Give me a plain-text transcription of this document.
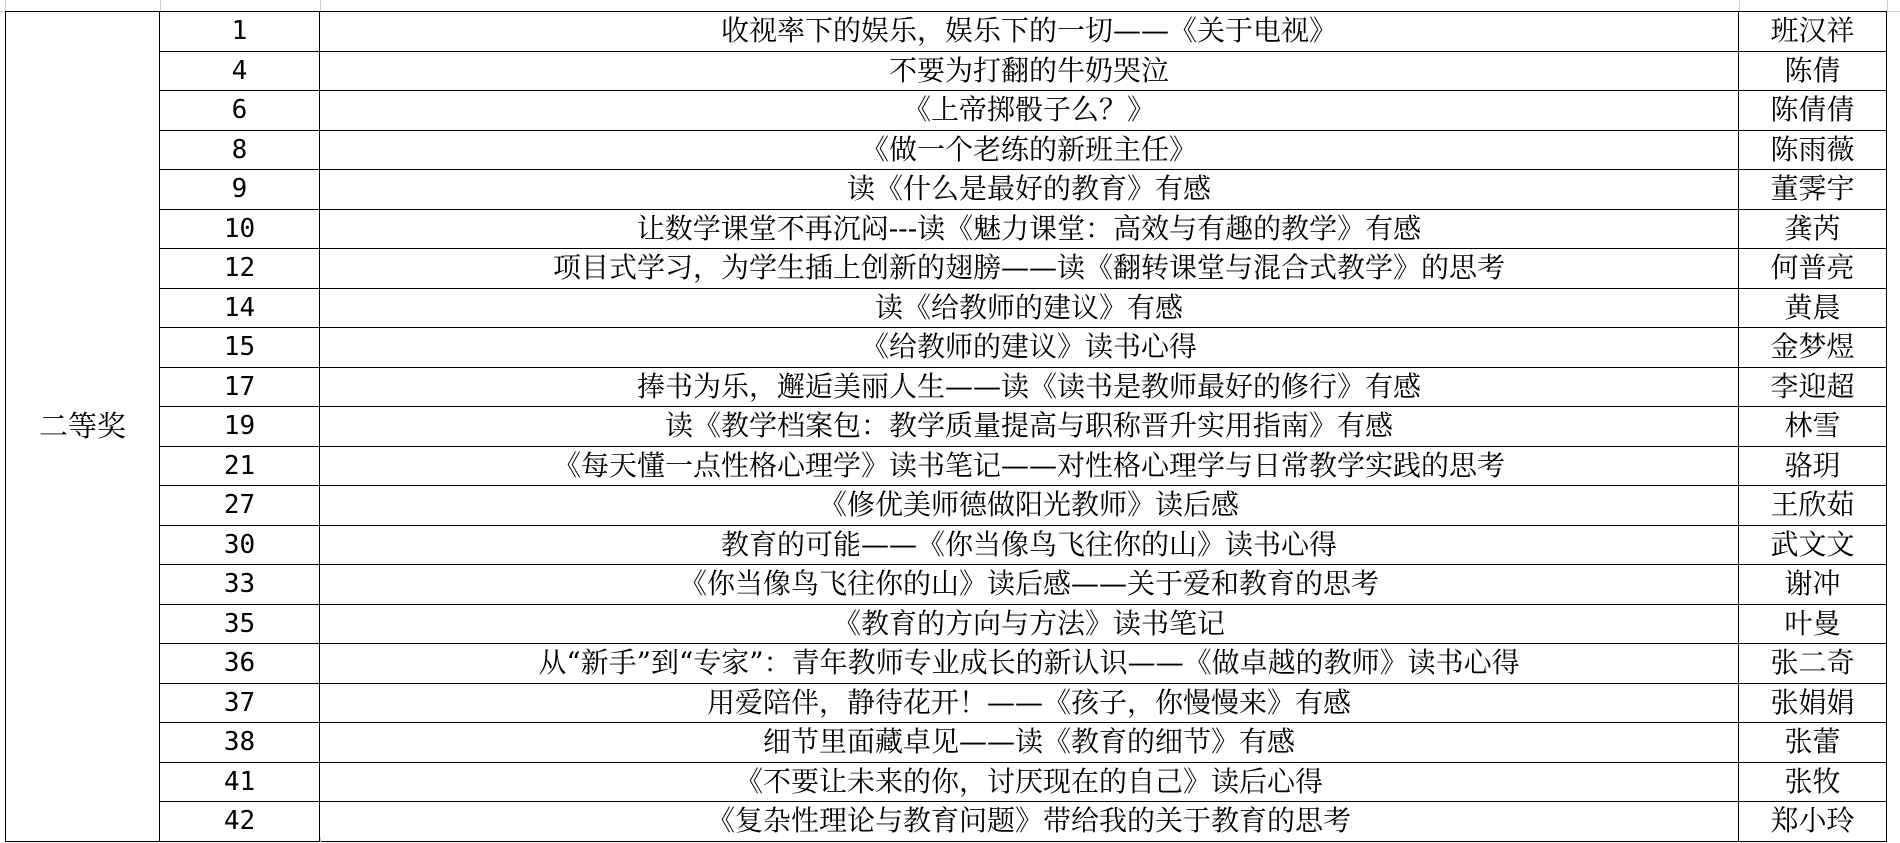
二等奖	1	收视率下的娱乐，娱乐下的一切——《关于电视》	班汉祥
	4	不要为打翻的牛奶哭泣	陈倩
	6	《上帝掷骰子么？》	陈倩倩
	8	《做一个老练的新班主任》	陈雨薇
	9	读《什么是最好的教育》有感	董霁宇
	10	让数学课堂不再沉闷---读《魅力课堂：高效与有趣的教学》有感	龚芮
	12	项目式学习，为学生插上创新的翅膀——读《翻转课堂与混合式教学》的思考	何普亮
	14	读《给教师的建议》有感	黄晨
	15	《给教师的建议》读书心得	金梦煜
	17	捧书为乐，邂逅美丽人生——读《读书是教师最好的修行》有感	李迎超
	19	读《教学档案包：教学质量提高与职称晋升实用指南》有感	林雪
	21	《每天懂一点性格心理学》读书笔记——对性格心理学与日常教学实践的思考	骆玥
	27	《修优美师德做阳光教师》读后感	王欣茹
	30	教育的可能——《你当像鸟飞往你的山》读书心得	武文文
	33	《你当像鸟飞往你的山》读后感——关于爱和教育的思考	谢冲
	35	《教育的方向与方法》读书笔记	叶曼
	36	从“新手”到“专家”：青年教师专业成长的新认识——《做卓越的教师》读书心得	张二奇
	37	用爱陪伴，静待花开！——《孩子，你慢慢来》有感	张娟娟
	38	细节里面藏卓见——读《教育的细节》有感	张蕾
	41	《不要让未来的你，讨厌现在的自己》读后心得	张牧
	42	《复杂性理论与教育问题》带给我的关于教育的思考	郑小玲
